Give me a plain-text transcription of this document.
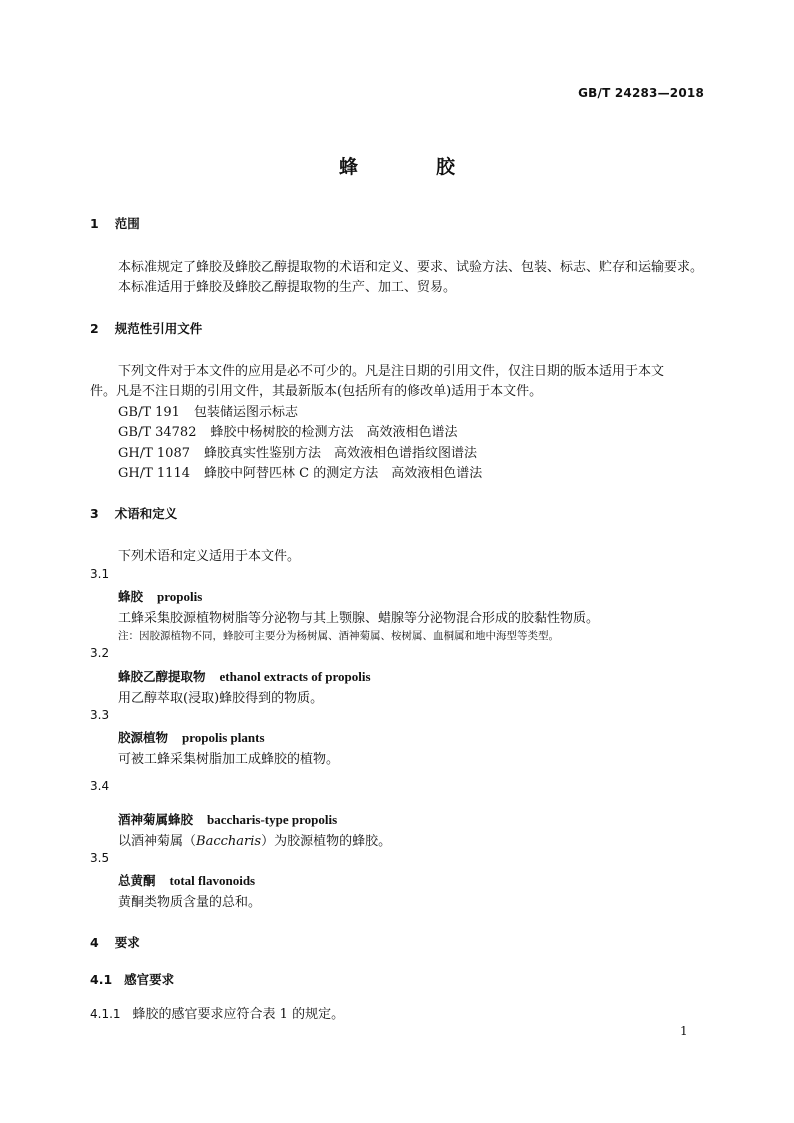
GB/T 24283—2018
蜂胶
1 范围
本标准规定了蜂胶及蜂胶乙醇提取物的术语和定义、要求、试验方法、包装、标志、贮存和运输要求。
本标准适用于蜂胶及蜂胶乙醇提取物的生产、加工、贸易。
2 规范性引用文件
下列文件对于本文件的应用是必不可少的。凡是注日期的引用文件，仅注日期的版本适用于本文
件。凡是不注日期的引用文件，其最新版本(包括所有的修改单)适用于本文件。
GB/T 191 包装储运图示标志
GB/T 34782 蜂胶中杨树胶的检测方法　高效液相色谱法
GH/T 1087 蜂胶真实性鉴别方法　高效液相色谱指纹图谱法
GH/T 1114 蜂胶中阿替匹林 C 的测定方法　高效液相色谱法
3 术语和定义
下列术语和定义适用于本文件。
3.1
蜂胶 propolis
工蜂采集胶源植物树脂等分泌物与其上颚腺、蜡腺等分泌物混合形成的胶黏性物质。
注：因胶源植物不同，蜂胶可主要分为杨树属、酒神菊属、桉树属、血桐属和地中海型等类型。
3.2
蜂胶乙醇提取物 ethanol extracts of propolis
用乙醇萃取(浸取)蜂胶得到的物质。
3.3
胶源植物 propolis plants
可被工蜂采集树脂加工成蜂胶的植物。
3.4
酒神菊属蜂胶 baccharis-type propolis
以酒神菊属（Baccharis）为胶源植物的蜂胶。
3.5
总黄酮 total flavonoids
黄酮类物质含量的总和。
4 要求
4.1 感官要求
4.1.1 蜂胶的感官要求应符合表 1 的规定。
1
